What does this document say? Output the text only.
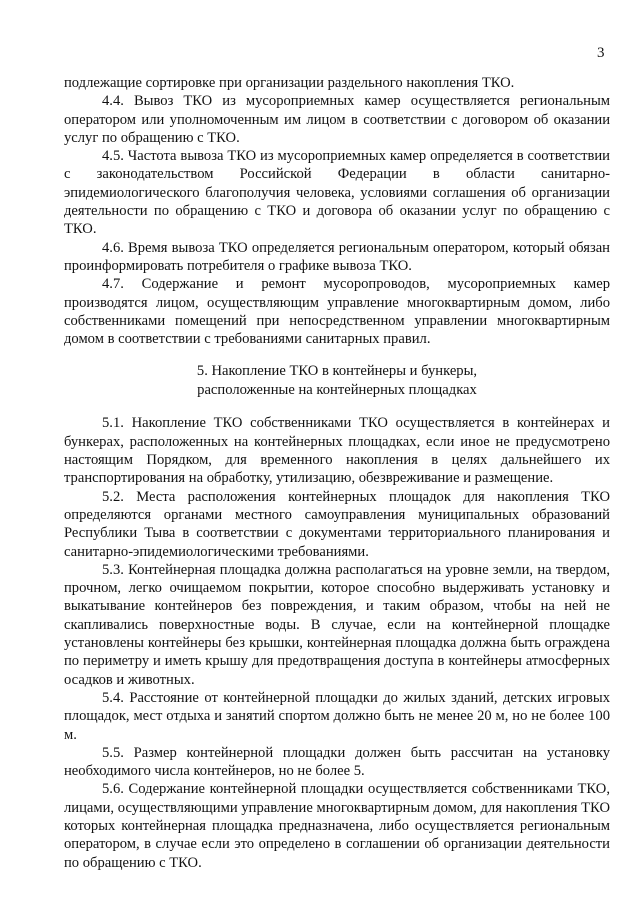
3

подлежащие сортировке при организации раздельного накопления ТКО.

4.4. Вывоз ТКО из мусороприемных камер осуществляется региональным оператором или уполномоченным им лицом в соответствии с договором об оказании услуг по обращению с ТКО.

4.5. Частота вывоза ТКО из мусороприемных камер определяется в соответствии с законодательством Российской Федерации в области санитарно-эпидемиологического благополучия человека, условиями соглашения об организации деятельности по обращению с ТКО и договора об оказании услуг по обращению с ТКО.

4.6. Время вывоза ТКО определяется региональным оператором, который обязан проинформировать потребителя о графике вывоза ТКО.

4.7. Содержание и ремонт мусоропроводов, мусороприемных камер производятся лицом, осуществляющим управление многоквартирным домом, либо собственниками помещений при непосредственном управлении многоквартирным домом в соответствии с требованиями санитарных правил.

5. Накопление ТКО в контейнеры и бункеры,
расположенные на контейнерных площадках

5.1. Накопление ТКО собственниками ТКО осуществляется в контейнерах и бункерах, расположенных на контейнерных площадках, если иное не предусмотрено настоящим Порядком, для временного накопления в целях дальнейшего их транспортирования на обработку, утилизацию, обезвреживание и размещение.

5.2. Места расположения контейнерных площадок для накопления ТКО определяются органами местного самоуправления муниципальных образований Республики Тыва в соответствии с документами территориального планирования и санитарно-эпидемиологическими требованиями.

5.3. Контейнерная площадка должна располагаться на уровне земли, на твердом, прочном, легко очищаемом покрытии, которое способно выдерживать установку и выкатывание контейнеров без повреждения, и таким образом, чтобы на ней не скапливались поверхностные воды. В случае, если на контейнерной площадке установлены контейнеры без крышки, контейнерная площадка должна быть ограждена по периметру и иметь крышу для предотвращения доступа в контейнеры атмосферных осадков и животных.

5.4. Расстояние от контейнерной площадки до жилых зданий, детских игровых площадок, мест отдыха и занятий спортом должно быть не менее 20 м, но не более 100 м.

5.5. Размер контейнерной площадки должен быть рассчитан на установку необходимого числа контейнеров, но не более 5.

5.6. Содержание контейнерной площадки осуществляется собственниками ТКО, лицами, осуществляющими управление многоквартирным домом, для накопления ТКО которых контейнерная площадка предназначена, либо осуществляется региональным оператором, в случае если это определено в соглашении об организации деятельности по обращению с ТКО.
